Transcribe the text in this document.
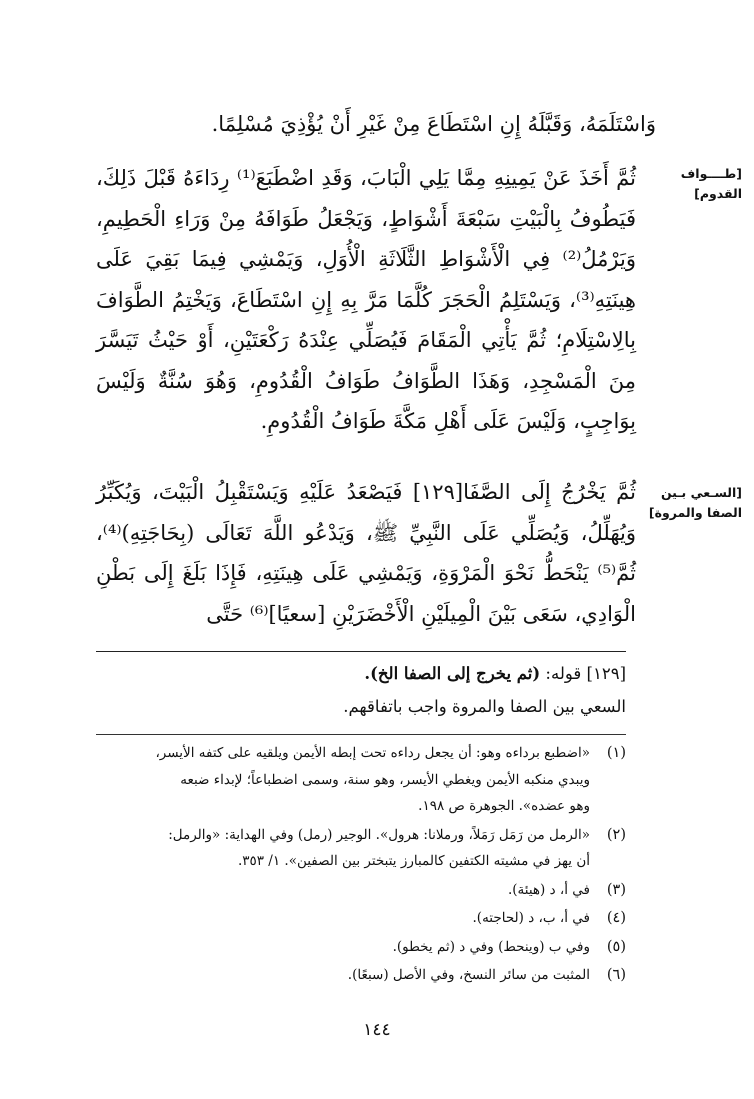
وَاسْتَلَمَهُ، وَقَبَّلَهُ إِنِ اسْتَطَاعَ مِنْ غَيْرِ أَنْ يُؤْذِيَ مُسْلِمًا.
[طــــواف
القدوم]
ثُمَّ أَخَذَ عَنْ يَمِينِهِ مِمَّا يَلِي الْبَابَ، وَقَدِ اضْطَبَعَ⁽¹⁾ رِدَاءَهُ قَبْلَ ذَلِكَ، فَيَطُوفُ بِالْبَيْتِ سَبْعَةَ أَشْوَاطٍ، وَيَجْعَلُ طَوَافَهُ مِنْ وَرَاءِ الْحَطِيمِ، وَيَرْمُلُ⁽²⁾ فِي الْأَشْوَاطِ الثَّلَاثَةِ الْأُوَلِ، وَيَمْشِي فِيمَا بَقِيَ عَلَى هِينَتِهِ⁽³⁾، وَيَسْتَلِمُ الْحَجَرَ كُلَّمَا مَرَّ بِهِ إِنِ اسْتَطَاعَ، وَيَخْتِمُ الطَّوَافَ بِالِاسْتِلَامِ؛ ثُمَّ يَأْتِي الْمَقَامَ فَيُصَلِّي عِنْدَهُ رَكْعَتَيْنِ، أَوْ حَيْثُ تَيَسَّرَ مِنَ الْمَسْجِدِ، وَهَذَا الطَّوَافُ طَوَافُ الْقُدُومِ، وَهُوَ سُنَّةٌ وَلَيْسَ بِوَاجِبٍ، وَلَيْسَ عَلَى أَهْلِ مَكَّةَ طَوَافُ الْقُدُومِ.
[السـعي بـين
الصفا والمروة]
ثُمَّ يَخْرُجُ إِلَى الصَّفَا[١٢٩] فَيَصْعَدُ عَلَيْهِ وَيَسْتَقْبِلُ الْبَيْتَ، وَيُكَبِّرُ وَيُهَلِّلُ، وَيُصَلِّي عَلَى النَّبِيِّ ﷺ، وَيَدْعُو اللَّهَ تَعَالَى (بِحَاجَتِهِ)⁽⁴⁾، ثُمَّ⁽⁵⁾ يَنْحَطُّ نَحْوَ الْمَرْوَةِ، وَيَمْشِي عَلَى هِينَتِهِ، فَإِذَا بَلَغَ إِلَى بَطْنِ الْوَادِي، سَعَى بَيْنَ الْمِيلَيْنِ الْأَخْضَرَيْنِ [سعيًا]⁽⁶⁾ حَتَّى
[١٢٩] قوله: (ثم يخرج إلى الصفا الخ).
السعي بين الصفا والمروة واجب باتفاقهم.
(١)
«اضطبع برداءه وهو: أن يجعل رداءه تحت إبطه الأيمن ويلقيه على كتفه الأيسر،
ويبدي منكبه الأيمن ويغطي الأيسر، وهو سنة، وسمى اضطباعاً؛ لإبداء ضبعه
وهو عضده». الجوهرة ص ١٩٨.
(٢)
«الرمل من رَمَل رَمَلاً، ورملانا: هرول». الوجير (رمل) وفي الهداية: «والرمل:
أن يهز في مشيته الكتفين كالمبارز يتبختر بين الصفين». ١/ ٣٥٣.
(٣)
في أ، د (هيئة).
(٤)
في أ، ب، د (لحاجته).
(٥)
وفي ب (وينحط) وفي د (ثم يخطو).
(٦)
المثبت من سائر النسخ، وفي الأصل (سبعًا).
١٤٤
